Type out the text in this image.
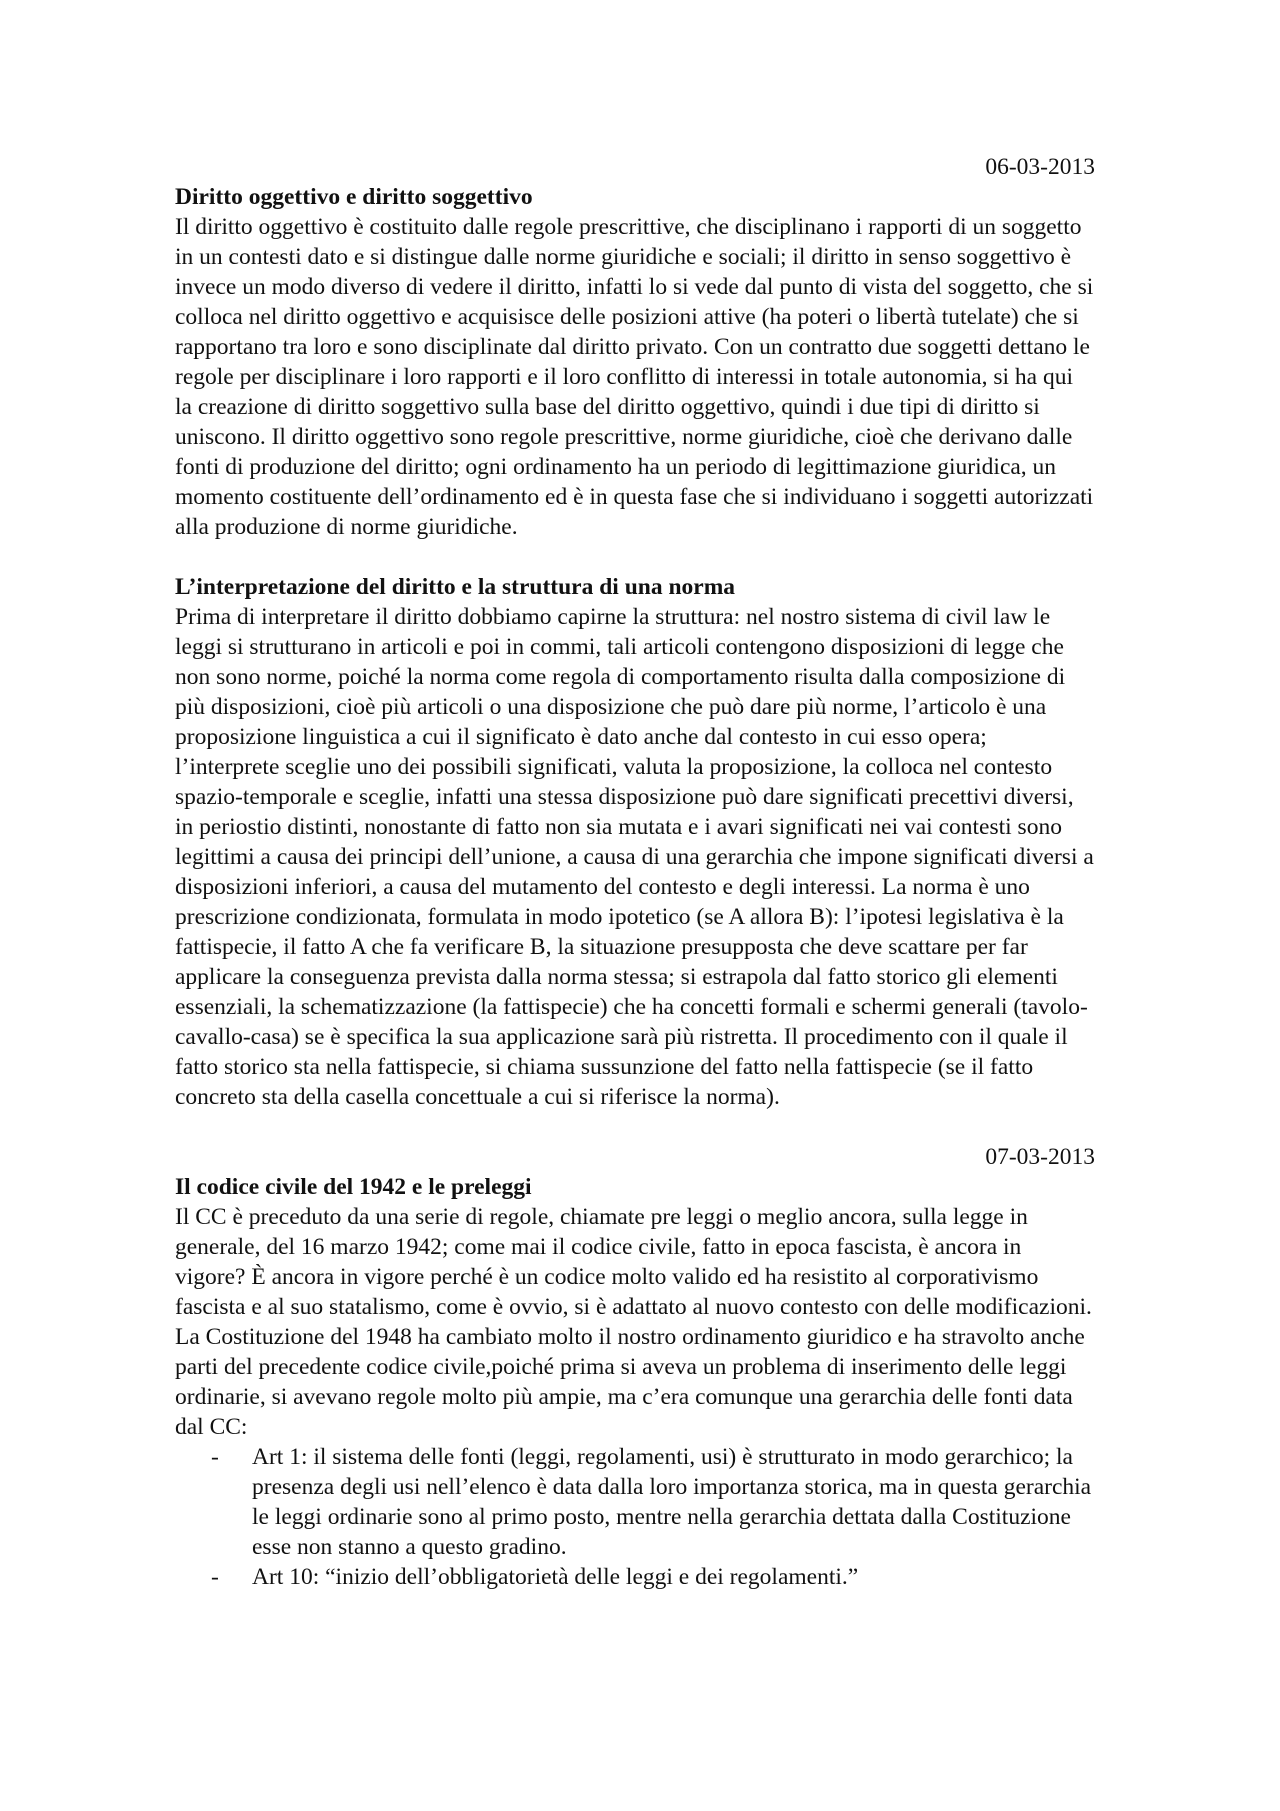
06-03-2013

Diritto oggettivo e diritto soggettivo

Il diritto oggettivo è costituito dalle regole prescrittive, che disciplinano i rapporti di un soggetto in un contesti dato e si distingue dalle norme giuridiche e sociali; il diritto in senso soggettivo è invece un modo diverso di vedere il diritto, infatti lo si vede dal punto di vista del soggetto, che si colloca nel diritto oggettivo e acquisisce delle posizioni attive (ha poteri o libertà tutelate) che si rapportano tra loro e sono disciplinate dal diritto privato. Con un contratto due soggetti dettano le regole per disciplinare i loro rapporti e il loro conflitto di interessi in totale autonomia, si ha qui la creazione di diritto soggettivo sulla base del diritto oggettivo, quindi i due tipi di diritto si uniscono. Il diritto oggettivo sono regole prescrittive, norme giuridiche, cioè che derivano dalle fonti di produzione del diritto; ogni ordinamento ha un periodo di legittimazione giuridica, un momento costituente dell’ordinamento ed è in questa fase che si individuano i soggetti autorizzati alla produzione di norme giuridiche.

L’interpretazione del diritto e la struttura di una norma

Prima di interpretare il diritto dobbiamo capirne la struttura: nel nostro sistema di civil law le leggi si strutturano in articoli e poi in commi, tali articoli contengono disposizioni di legge che non sono norme, poiché la norma come regola di comportamento risulta dalla composizione di più disposizioni, cioè più articoli o una disposizione che può dare più norme, l’articolo è una proposizione linguistica a cui il significato è dato anche dal contesto in cui esso opera; l’interprete sceglie uno dei possibili significati, valuta la proposizione, la colloca nel contesto spazio-temporale e sceglie, infatti una stessa disposizione può dare significati precettivi diversi, in periostio distinti, nonostante di fatto non sia mutata e i avari significati nei vai contesti sono legittimi a causa dei principi dell’unione, a causa di una gerarchia che impone significati diversi a disposizioni inferiori, a causa del mutamento del contesto e degli interessi. La norma è uno prescrizione condizionata, formulata in modo ipotetico (se A allora B): l’ipotesi legislativa è la fattispecie, il fatto A che fa verificare B, la situazione presupposta che deve scattare per far applicare la conseguenza prevista dalla norma stessa; si estrapola dal fatto storico gli elementi essenziali, la schematizzazione (la fattispecie) che ha concetti formali e schermi generali (tavolo-cavallo-casa) se è specifica la sua applicazione sarà più ristretta. Il procedimento con il quale il fatto storico sta nella fattispecie, si chiama sussunzione del fatto nella fattispecie (se il fatto concreto sta della casella concettuale a cui si riferisce la norma).

07-03-2013

Il codice civile del 1942 e le preleggi

Il CC è preceduto da una serie di regole, chiamate pre leggi o meglio ancora, sulla legge in generale, del 16 marzo 1942; come mai il codice civile, fatto in epoca fascista, è ancora in vigore? È ancora in vigore perché è un codice molto valido ed ha resistito al corporativismo fascista e al suo statalismo, come è ovvio, si è adattato al nuovo contesto con delle modificazioni. La Costituzione del 1948 ha cambiato molto il nostro ordinamento giuridico e ha stravolto anche parti del precedente codice civile,poiché prima si aveva un problema di inserimento delle leggi ordinarie, si avevano regole molto più ampie, ma c’era comunque una gerarchia delle fonti data dal CC:

- Art 1: il sistema delle fonti (leggi, regolamenti, usi) è strutturato in modo gerarchico; la presenza degli usi nell’elenco è data dalla loro importanza storica, ma in questa gerarchia le leggi ordinarie sono al primo posto, mentre nella gerarchia dettata dalla Costituzione esse non stanno a questo gradino.
- Art 10: “inizio dell’obbligatorietà delle leggi e dei regolamenti.”
